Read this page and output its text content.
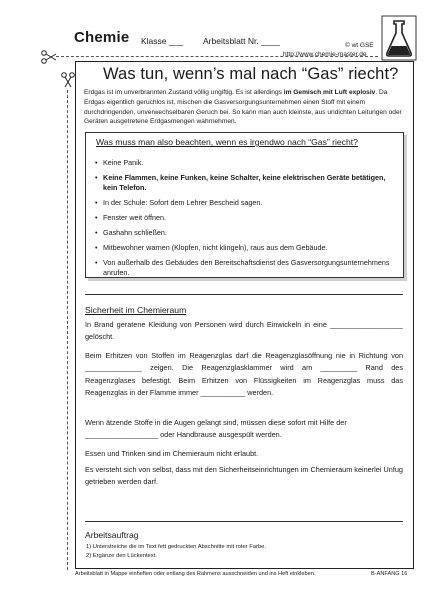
Chemie Klasse ___ Arbeitsblatt Nr. ____	© wt GSE
http://www.chemie-master.de
Was tun, wenn’s mal nach “Gas” riecht?
Erdgas ist im unverbrannten Zustand völlig ungiftig. Es ist allerdings im Gemisch mit Luft explosiv. Da Erdgas eigentlich geruchlos ist, mischen die Gasversorgungsunternehmen einen Stoff mit einem durchdringenden, unverwechselbaren Geruch bei. So kann man auch kleinste, aus undichten Leitungen oder Geräten ausgetretene Erdgasmengen wahrnehmen.
Was muss man also beachten, wenn es irgendwo nach “Gas” riecht?
• Keine Panik.
• Keine Flammen, keine Funken, keine Schalter, keine elektrischen Geräte betätigen, kein Telefon.
• In der Schule: Sofort dem Lehrer Bescheid sagen.
• Fenster weit öffnen.
• Gashahn schließen.
• Mitbewohner warnen (Klopfen, nicht klingeln), raus aus dem Gebäude.
• Von außerhalb des Gebäudes den Bereitschaftsdienst des Gasversorgungsunternehmens anrufen.
Sicherheit im Chemieraum
In Brand geratene Kleidung von Personen wird durch Einwickeln in eine __________________ gelöscht.
Beim Erhitzen von Stoffen im Reagenzglas darf die Reagenzglasöffnung nie in Richtung von ______________ zeigen. Die Reagenzglasklammer wird am _________ Rand des Reagenzglases befestigt. Beim Erhitzen von Flüssigkeiten im Reagenzglas muss das Reagenzglas in der Flamme immer ___________ werden.
Wenn ätzende Stoffe in die Augen gelangt sind, müssen diese sofort mit Hilfe der __________________ oder Handbrause ausgespült werden.
Essen und Trinken sind im Chemieraum nicht erlaubt.
Es versteht sich von selbst, dass mit den Sicherheitseinrichtungen im Chemieraum keinerlei Unfug getrieben werden darf.
Arbeitsauftrag
1) Unterstreiche die im Text fett gedruckten Abschnitte mit roter Farbe.
2) Ergänze den Lückentext.
Arbeitsblatt in Mappe einheften oder entlang des Rahmens ausschneiden und ins Heft einkleben.	B-ANFANG 16
